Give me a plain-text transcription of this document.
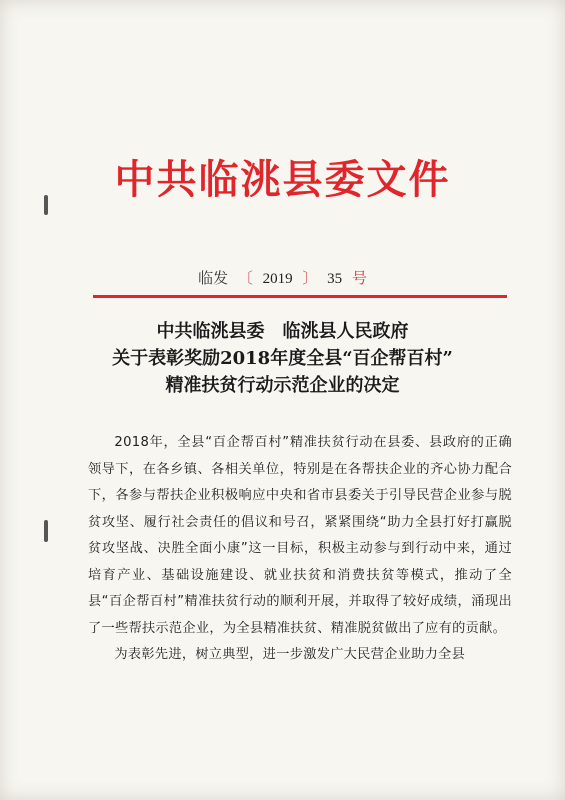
中共临洮县委文件
临发 〔 2019 〕 35 号
中共临洮县委　临洮县人民政府
关于表彰奖励2018年度全县“百企帮百村”
精准扶贫行动示范企业的决定

2018年，全县“百企帮百村”精准扶贫行动在县委、县政府的正确领导下，在各乡镇、各相关单位，特别是在各帮扶企业的齐心协力配合下，各参与帮扶企业积极响应中央和省市县委关于引导民营企业参与脱贫攻坚、履行社会责任的倡议和号召，紧紧围绕“助力全县打好打赢脱贫攻坚战、决胜全面小康”这一目标，积极主动参与到行动中来，通过培育产业、基础设施建设、就业扶贫和消费扶贫等模式，推动了全县“百企帮百村”精准扶贫行动的顺利开展，并取得了较好成绩，涌现出了一些帮扶示范企业，为全县精准扶贫、精准脱贫做出了应有的贡献。

为表彰先进，树立典型，进一步激发广大民营企业助力全县
